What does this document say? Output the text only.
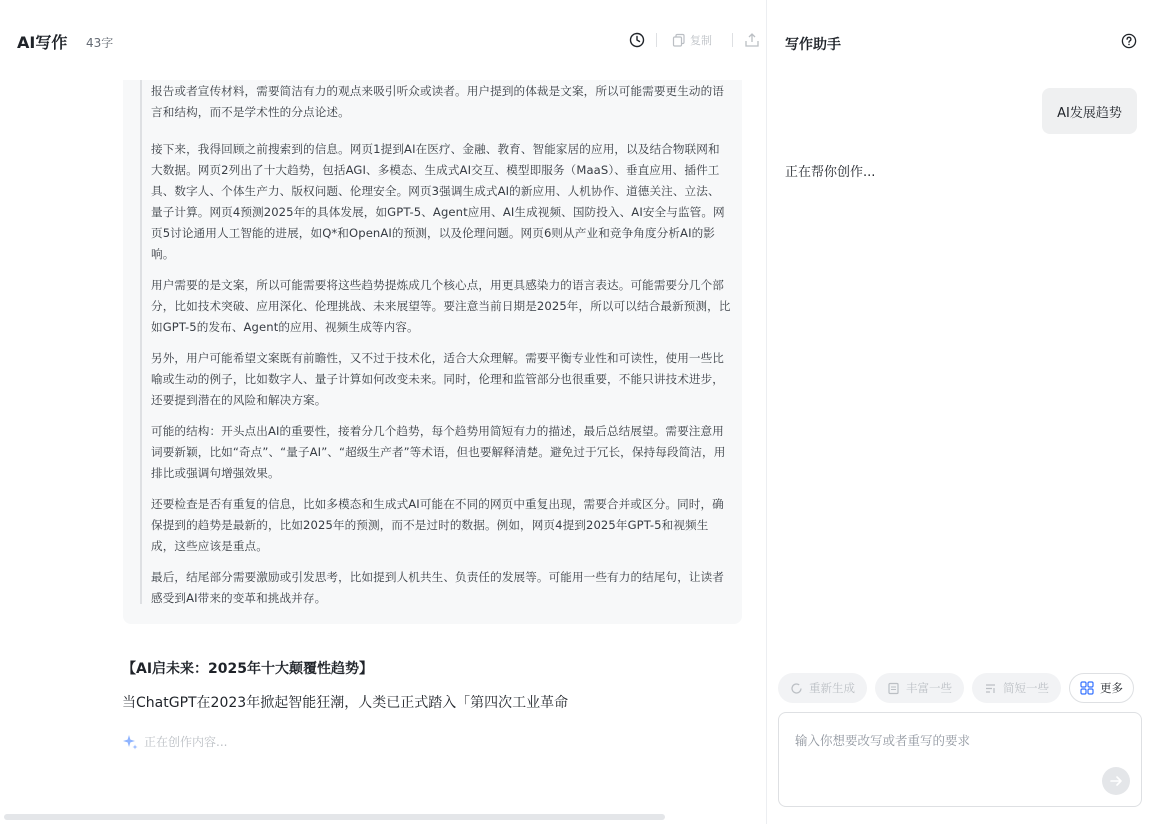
报告或者宣传材料，需要简洁有力的观点来吸引听众或读者。用户提到的体裁是文案，所以可能需要更生动的语言和结构，而不是学术性的分点论述。

接下来，我得回顾之前搜索到的信息。网页1提到AI在医疗、金融、教育、智能家居的应用，以及结合物联网和大数据。网页2列出了十大趋势，包括AGI、多模态、生成式AI交互、模型即服务（MaaS）、垂直应用、插件工具、数字人、个体生产力、版权问题、伦理安全。网页3强调生成式AI的新应用、人机协作、道德关注、立法、量子计算。网页4预测2025年的具体发展，如GPT-5、Agent应用、AI生成视频、国防投入、AI安全与监管。网页5讨论通用人工智能的进展，如Q*和OpenAI的预测，以及伦理问题。网页6则从产业和竞争角度分析AI的影响。

用户需要的是文案，所以可能需要将这些趋势提炼成几个核心点，用更具感染力的语言表达。可能需要分几个部分，比如技术突破、应用深化、伦理挑战、未来展望等。要注意当前日期是2025年，所以可以结合最新预测，比如GPT-5的发布、Agent的应用、视频生成等内容。

另外，用户可能希望文案既有前瞻性，又不过于技术化，适合大众理解。需要平衡专业性和可读性，使用一些比喻或生动的例子，比如数字人、量子计算如何改变未来。同时，伦理和监管部分也很重要，不能只讲技术进步，还要提到潜在的风险和解决方案。

可能的结构：开头点出AI的重要性，接着分几个趋势，每个趋势用简短有力的描述，最后总结展望。需要注意用词要新颖，比如“奇点”、“量子AI”、“超级生产者”等术语，但也要解释清楚。避免过于冗长，保持每段简洁，用排比或强调句增强效果。

还要检查是否有重复的信息，比如多模态和生成式AI可能在不同的网页中重复出现，需要合并或区分。同时，确保提到的趋势是最新的，比如2025年的预测，而不是过时的数据。例如，网页4提到2025年GPT-5和视频生成，这些应该是重点。

最后，结尾部分需要激励或引发思考，比如提到人机共生、负责任的发展等。可能用一些有力的结尾句，让读者感受到AI带来的变革和挑战并存。

AI写作 43字	复制
【AI启未来：2025年十大颠覆性趋势】
当ChatGPT在2023年掀起智能狂潮，人类已正式踏入「第四次工业革命
正在创作内容...
写作助手
AI发展趋势
正在帮你创作...
重新生成	丰富一些	简短一些	更多
输入你想要改写或者重写的要求
